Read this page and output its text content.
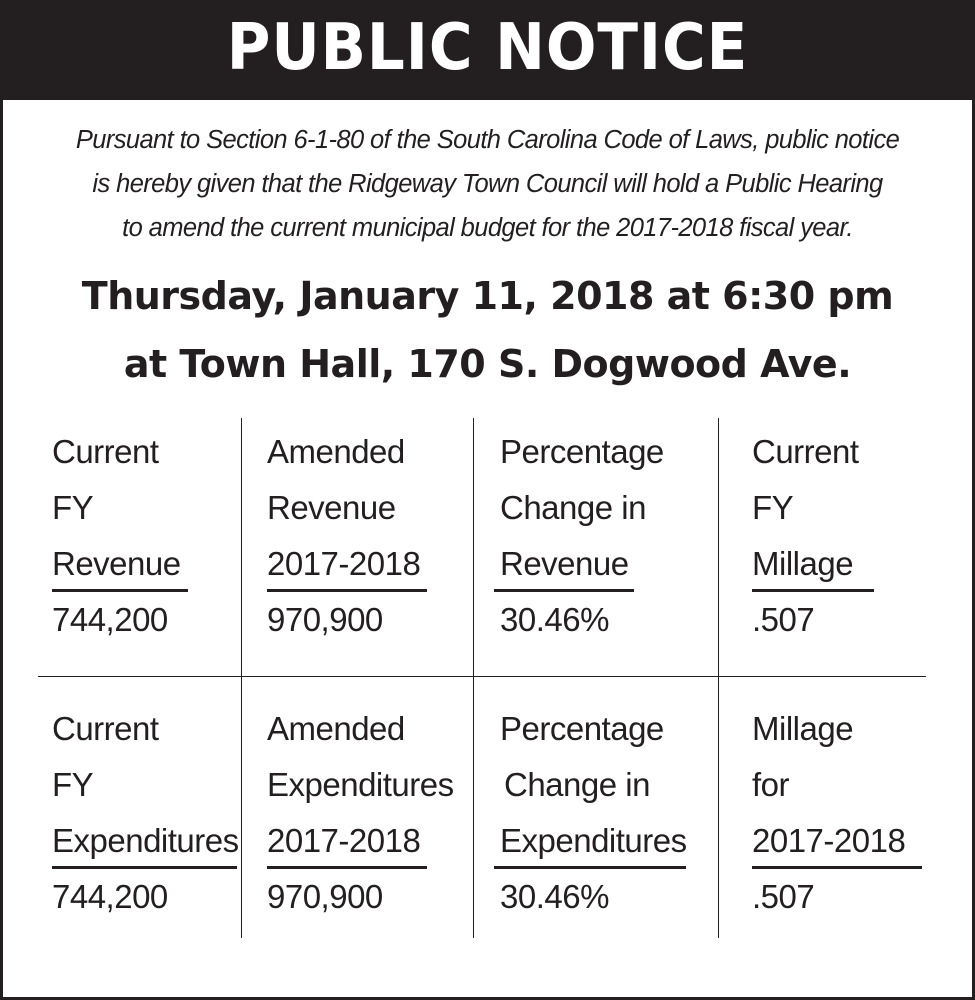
PUBLIC NOTICE
Pursuant to Section 6-1-80 of the South Carolina Code of Laws, public notice
is hereby given that the Ridgeway Town Council will hold a Public Hearing
to amend the current municipal budget for the 2017-2018 fiscal year.
Thursday, January 11, 2018 at 6:30 pm
at Town Hall, 170 S. Dogwood Ave.
Current
FY
Revenue
744,200
Amended
Revenue
2017-2018
970,900
Percentage
Change in
Revenue
30.46%
Current
FY
Millage
.507
Current
FY
Expenditures
744,200
Amended
Expenditures
2017-2018
970,900
Percentage
Change in
Expenditures
30.46%
Millage
for
2017-2018
.507
